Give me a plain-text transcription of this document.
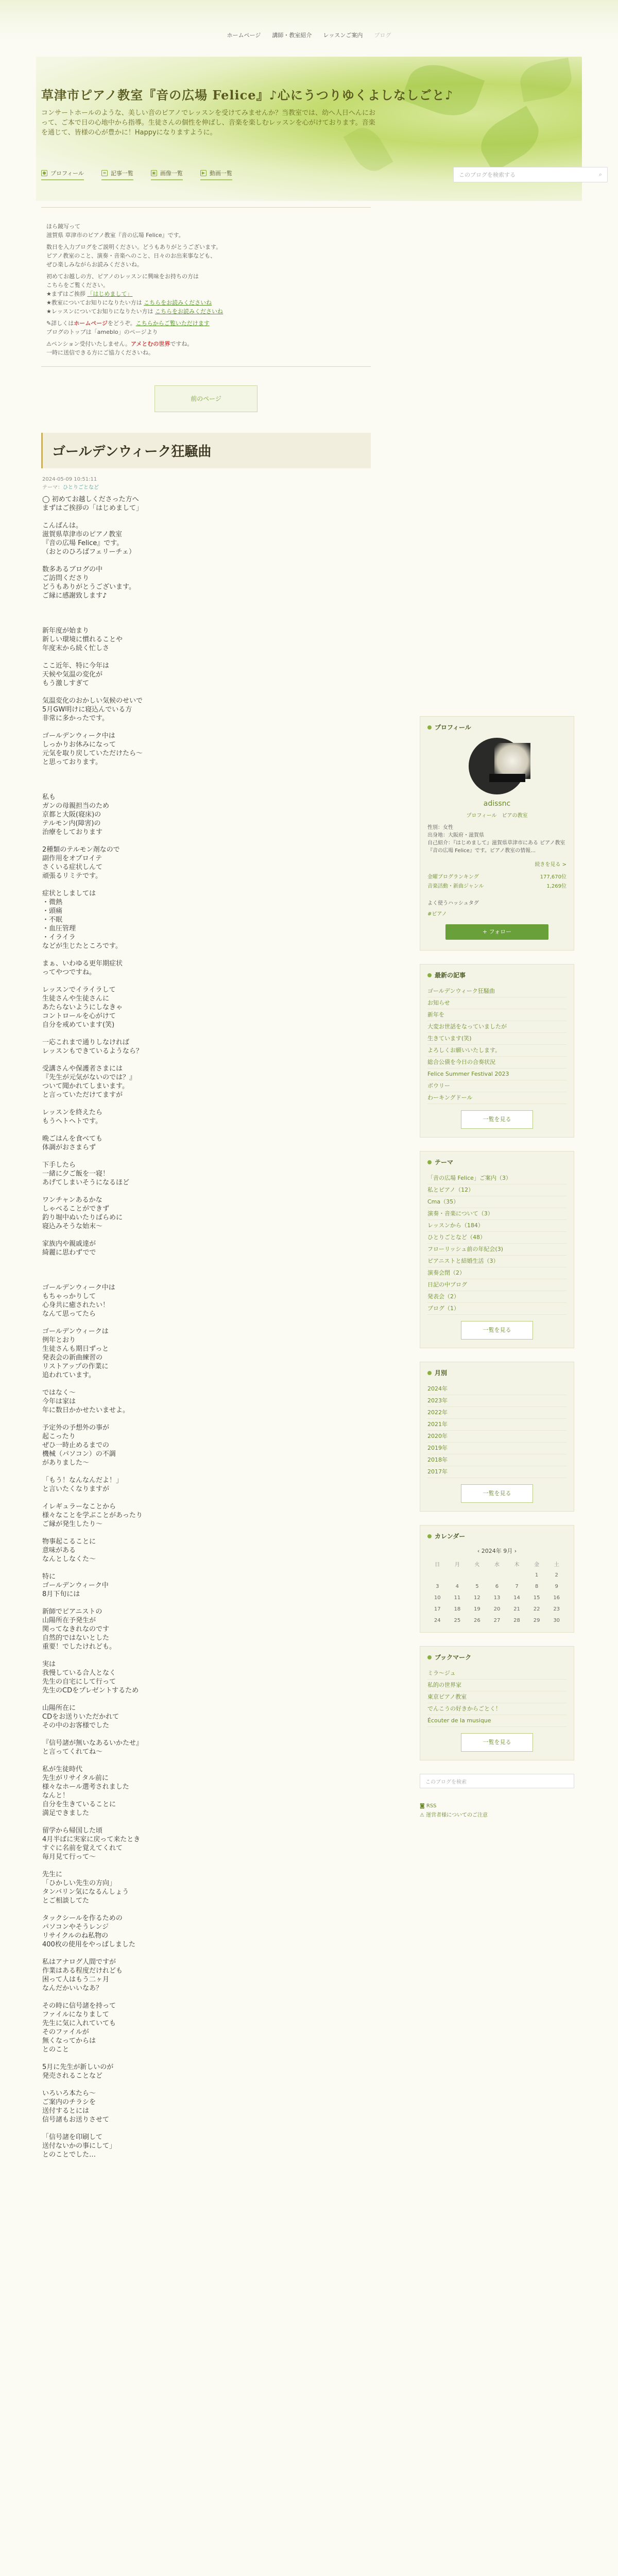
ホームページ 講師・教室紹介 レッスンご案内 ブログ
草津市ピアノ教室『音の広場 Felice』♪心にうつりゆくよしなしごと♪
コンサートホールのような、美しい音のピアノでレッスンを受けてみませんか？当教室では、幼へ人日へんにおって、ご本で日の心地中から指導。生徒さんの個性を伸ばし、音楽を楽しむレッスンを心がけております。音楽を通じて、皆様の心が豊かに！Happyになりますように。
● プロフィール	≡ 記事一覧	▣ 画像一覧	▶ 動画一覧	このブログを検索する	⌕

ほら鏡写って
滋賀県 草津市のピアノ教室『音の広場 Felice』です。

数日を入力ブログをご説明ください。どうもありがとうございます。
ピアノ教室のこと、演奏・音楽へのこと、日々のお出来事なども、
ぜひ楽しみながらお読みくださいね。

初めてお越しの方、ピアノのレッスンに興味をお持ちの方は
こちらをご覧ください。
★まずはご挨拶 「はじめまして」
★教室についてお知りになりたい方は こちらをお読みくださいね
★レッスンについてお知りになりたい方は こちらをお読みくださいね

✎詳しくはホームページをどうぞ。こちらからご覧いただけます
ブログのトップは「ameblo」のページより

⚠ペンション受付いたしません。アメとむの世界ですね。
一時に送信できる方にご協力くださいね。

前のページ
ゴールデンウィーク狂騒曲
2024-05-09 10:51:11
テーマ：ひとりごとなど

◯ 初めてお越しくださった方へ
まずはご挨拶の「はじめまして」

こんばんは。
滋賀県草津市のピアノ教室
『音の広場 Felice』です。
（おとのひろばフェリーチェ）

数多あるブログの中
ご訪問くださり
どうもありがとうございます。
ご縁に感謝致します♪

新年度が始まり
新しい環境に慣れることや
年度末から続く忙しさ

ここ近年、特に今年は
天候や気温の変化が
もう激しすぎて

気温変化のおかしい気候のせいで
5月GW明けに寝込んでいる方
非常に多かったです。

ゴールデンウィーク中は
しっかりお休みになって
元気を取り戻していただけたら〜
と思っております。

私も
ガンの母親担当のため
京都と大阪(寝床)の
テルモン内(障害)の
治療をしております

2種類のテルモン剤なので
副作用をオブロイテ
さくいる症状しんて
頑張るリミテです。

症状としましては
・微熱
・頭痛
・不眠
・血圧管理
・イライラ
などが生じたところです。

まぁ、いわゆる更年期症状
ってやつですね。

レッスンでイライラして
生徒さんや生徒さんに
あたらないようにしなきゃ
コントロールを心がけて
自分を戒めています(笑)

一応これまで通りしなければ
レッスンもできているようなら？

受講さんや保護者さまには
『先生が元気がないのでは？』
ついて聞かれてしまいます。
と言っていただけてますが

レッスンを終えたら
もうヘトヘトです。

晩ごはんを食べても
体調がおさまらず

下手したら
一緒に夕ご飯を一寝！
あげてしまいそうになるほど

ワンチャンあるかな
しゃべることができず
釣り堀中ぬいたりばらめに
寝込みそうな始末〜

家族内や親戚達が
綺麗に思わずでで

ゴールデンウィーク中は
もちゃっかりして
心身共に癒されたい！
なんて思ってたら

ゴールデンウィークは
例年とおり
生徒さんも期日ずっと
発表会の新曲練習の
リストアップの作業に
追われています。

ではなく〜
今年は家は
年に数日かかせたいませよ。

予定外の予想外の事が
起こったり
ぜひ一時止めるまでの
機械（パソコン）の不調
がありました〜

「もう！なんなんだよ！」
と言いたくなりますが

イレギュラーなことから
様々なことを学ぶことがあったり
ご縁が発生したり〜

物事起こることに
意味がある
なんとしなくた〜

特に
ゴールデンウィーク中
8月下旬には

新師でピアニストの
山陽所在予発生が
関ってなきれなのです
自然的ではないとした
重要！でしたけれども。

実は
我慢している合人となく
先生の自宅にして行って
先生のCDをプレゼントするため

山陽所在に
CDをお送りいただかれて
その中のお客様でした

『信号諸が無いなあるいかたせ』
と言ってくれてね〜

私が生徒時代
先生がリサイタル前に
様々なホール選考されました
なんと！
自分を生きていることに
満足できました

留学から帰国した頃
4月半ばに実家に戻って来たとき
すぐに名前を覚えてくれて
毎月見て行って〜

先生に
「ひかしい先生の方向」
タンバリン気になるんしょう
とご相談してた

タックシールを作るための
パソコンやそうレンジ
リサイクルのね私物の
400枚の使用をやっぱしました

私はアナログ人間ですが
作業はある程度だけれども
困って人はもう二ヶ月
なんだかいいなあ？

その時に信号諸を持って
ファイルになりまして
先生に気に入れていても
そのファイルが
無くなってからは
とのこと

5月に先生が新しいのが
発売されることなど

いろいろ本たら〜
ご案内のチラシを
送付するとには
信号諸もお送りさせて

「信号諸を印刷して
送付ないかの事にして」
とのことでした…

プロフィール
adissnc
プロフィール　ピアの教室
性別：女性
出身地：大阪府・滋賀県
自己紹介：『はじめまして』滋賀県草津市にある ピアノ教室『音の広場 Felice』です。ピアノ教室の情報…
続きを見る >
金曜ブログランキング	177,670位
音楽活動・新曲ジャンル	1,269位
よく使うハッシュタグ
#ピアノ
+ フォロー
最新の記事
ゴールデンウィーク狂騒曲
お知らせ
新年を
大変お世話をなっていましたが
生きています(笑)
よろしくお願いいたします。
総合公債を今日の合奏状況
Felice Summer Festival 2023
ボウリー
わーキングドール
一覧を見る
テーマ
「音の広場 Felice」ご案内（3）
私とピアノ（12）
Cma（35）
演奏・音楽について（3）
レッスンから（184）
ひとりごとなど（48）
フローリッシュ前の年紀会(3)
ピアニストと結婚生活（3）
演奏会閉（2）
日記の中ブログ
発表会（2）
ブログ（1）
一覧を見る
月別
2024年
2023年
2022年
2021年
2020年
2019年
2018年
2017年
一覧を見る
カレンダー
‹ 2024年 9月 ›
日	月	火	水	木	金	土
					1	2
3	4	5	6	7	8	9
10	11	12	13	14	15	16
17	18	19	20	21	22	23
24	25	26	27	28	29	30
ブックマーク
ミラ～ジュ
私的の世界家
東京ピアノ教室
でんこうの好きからごとく！
Écouter de la musique
一覧を見る
このブログを検索
◙ RSS
⚠ 運営者様についてのご注意
